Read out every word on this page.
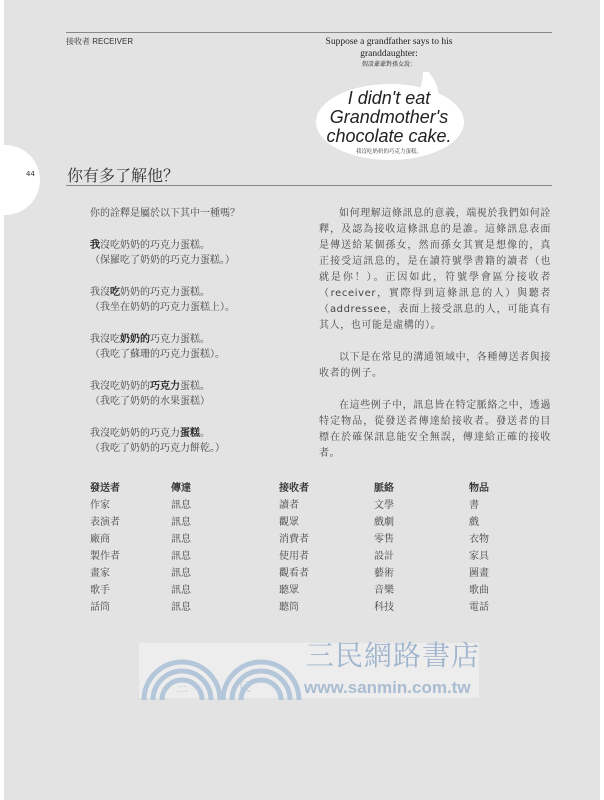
接收者 RECEIVER	Suppose a grandfather says to his granddaughter:
假設爺爺對孫女說：
I didn't eat Grandmother's chocolate cake.
我沒吃奶奶的巧克力蛋糕。
你有多了解他？

你的詮釋是屬於以下其中一種嗎？

我沒吃奶奶的巧克力蛋糕。
（保羅吃了奶奶的巧克力蛋糕。）

我沒吃奶奶的巧克力蛋糕。
（我坐在奶奶的巧克力蛋糕上）。

我沒吃奶奶的巧克力蛋糕。
（我吃了蘇珊的巧克力蛋糕）。

我沒吃奶奶的巧克力蛋糕。
（我吃了奶奶的水果蛋糕）

我沒吃奶奶的巧克力蛋糕。
（我吃了奶奶的巧克力餅乾。）

如何理解這條訊息的意義，端視於我們如何詮釋，及認為接收這條訊息的是誰。這條訊息表面是傳送給某個孫女，然而孫女其實是想像的，真正接受這訊息的，是在讀符號學書籍的讀者（也就是你！）。正因如此，符號學會區分接收者（receiver，實際得到這條訊息的人）與聽者（addressee，表面上接受訊息的人，可能真有其人，也可能是虛構的）。

以下是在常見的溝通領域中，各種傳送者與接收者的例子。

在這些例子中，訊息皆在特定脈絡之中，透過特定物品，從發送者傳達給接收者。發送者的目標在於確保訊息能安全無誤，傳達給正確的接收者。

發送者	傳達	接收者	脈絡	物品
作家	訊息	讀者	文學	書
表演者	訊息	觀眾	戲劇	戲
廠商	訊息	消費者	零售	衣物
製作者	訊息	使用者	設計	家具
畫家	訊息	觀看者	藝術	圖畫
歌手	訊息	聽眾	音樂	歌曲
話筒	訊息	聽筒	科技	電話
三	民
三民網路書店
www.sanmin.com.tw
44
